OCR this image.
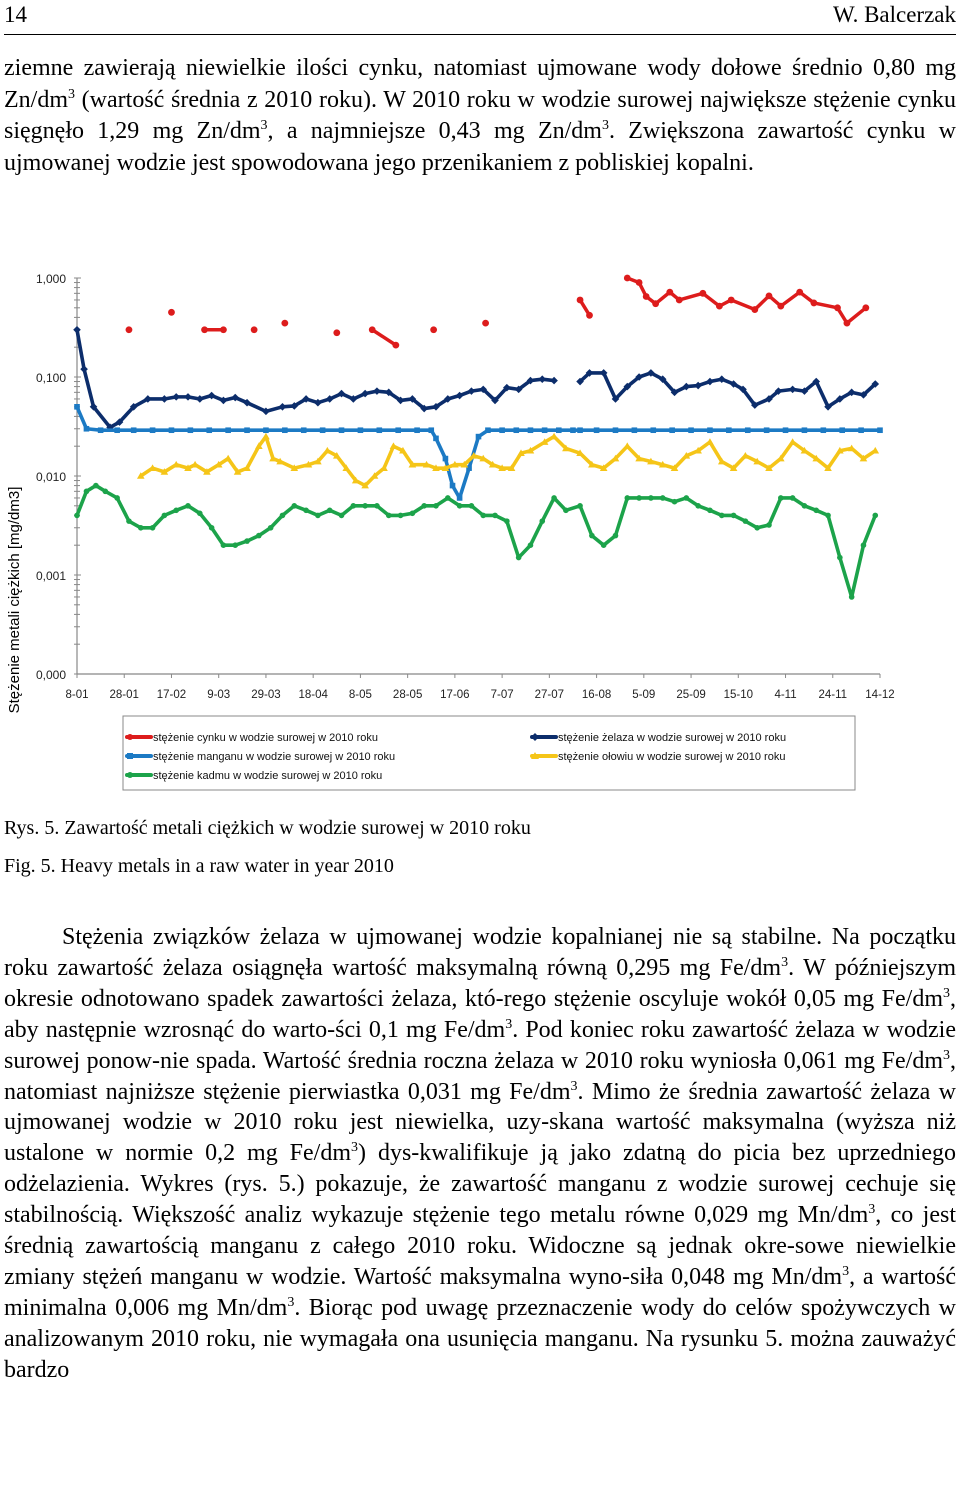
14	W. Balcerzak

ziemne zawierają niewielkie ilości cynku, natomiast ujmowane wody dołowe średnio 0,80 mg $Zn/dm^3$ (wartość średnia z 2010 roku). W 2010 roku w wodzie surowej największe stężenie cynku sięgnęło 1,29 mg $Zn/dm^3$, a najmniejsze 0,43 mg $Zn/dm^3$. Zwiększona zawartość cynku w ujmowanej wodzie jest spowodowana jego przenikaniem z pobliskiej kopalni.

1,000
0,100
0,010
0,001
0,000
8-01 28-01 17-02 9-03 29-03 18-04 8-05 28-05 17-06 7-07 27-07 16-08 5-09 25-09 15-10 4-11 24-11 14-12
Stężenie metali ciężkich [mg/dm3]
stężenie cynku w wodzie surowej w 2010 roku	stężenie żelaza w wodzie surowej w 2010 roku
stężenie manganu w wodzie surowej w 2010 roku	stężenie ołowiu w wodzie surowej w 2010 roku
stężenie kadmu w wodzie surowej w 2010 roku

Rys. 5. Zawartość metali ciężkich w wodzie surowej w 2010 roku

Fig. 5. Heavy metals in a raw water in year 2010

Stężenia związków żelaza w ujmowanej wodzie kopalnianej nie są stabilne. Na początku roku zawartość żelaza osiągnęła wartość maksymalną równą 0,295 mg $Fe/dm^3$. W późniejszym okresie odnotowano spadek zawartości żelaza, któ-rego stężenie oscyluje wokół 0,05 mg $Fe/dm^3$, aby następnie wzrosnąć do warto-ści 0,1 mg $Fe/dm^3$. Pod koniec roku zawartość żelaza w wodzie surowej ponow-nie spada. Wartość średnia roczna żelaza w 2010 roku wyniosła 0,061 mg $Fe/dm^3$, natomiast najniższe stężenie pierwiastka 0,031 mg $Fe/dm^3$. Mimo że średnia zawartość żelaza w ujmowanej wodzie w 2010 roku jest niewielka, uzy-skana wartość maksymalna (wyższa niż ustalone w normie 0,2 mg $Fe/dm^3$) dys-kwalifikuje ją jako zdatną do picia bez uprzedniego odżelazienia. Wykres (rys. 5.) pokazuje, że zawartość manganu z wodzie surowej cechuje się stabilnością. Większość analiz wykazuje stężenie tego metalu równe 0,029 mg $Mn/dm^3$, co jest średnią zawartością manganu z całego 2010 roku. Widoczne są jednak okre-sowe niewielkie zmiany stężeń manganu w wodzie. Wartość maksymalna wyno-siła 0,048 mg $Mn/dm^3$, a wartość minimalna 0,006 mg $Mn/dm^3$. Biorąc pod uwagę przeznaczenie wody do celów spożywczych w analizowanym 2010 roku, nie wymagała ona usunięcia manganu. Na rysunku 5. można zauważyć bardzo
